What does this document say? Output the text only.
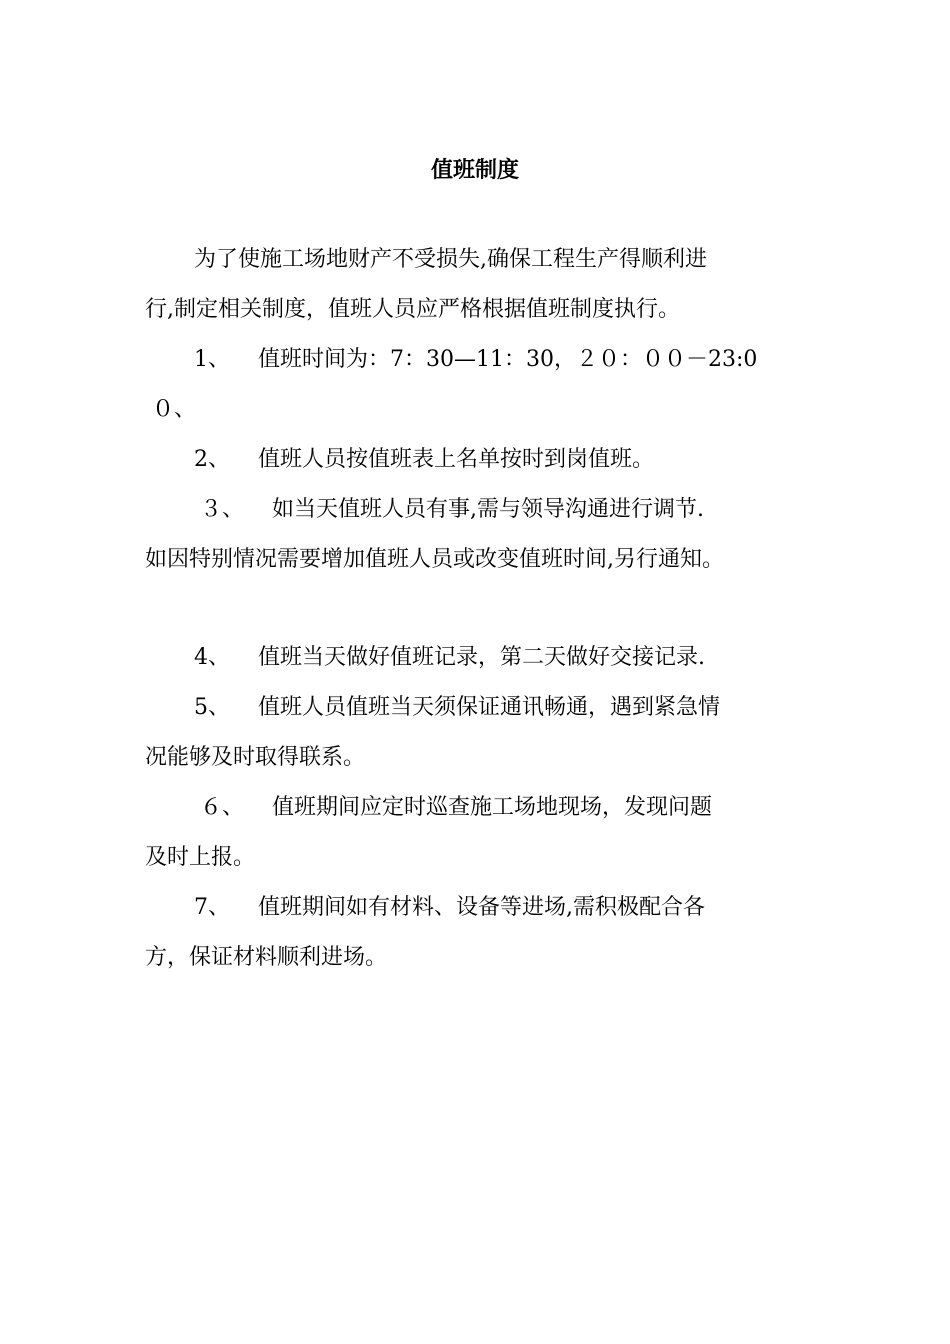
值班制度
为了使施工场地财产不受损失,确保工程生产得顺利进
行,制定相关制度，值班人员应严格根据值班制度执行。
1、 值班时间为：7：30—11：30，２０：００－23:0
０、
2、 值班人员按值班表上名单按时到岗值班。
３、 如当天值班人员有事,需与领导沟通进行调节.
如因特别情况需要增加值班人员或改变值班时间,另行通知。
4、 值班当天做好值班记录，第二天做好交接记录.
5、 值班人员值班当天须保证通讯畅通，遇到紧急情
况能够及时取得联系。
６、 值班期间应定时巡查施工场地现场，发现问题
及时上报。
7、 值班期间如有材料、设备等进场,需积极配合各
方，保证材料顺利进场。
